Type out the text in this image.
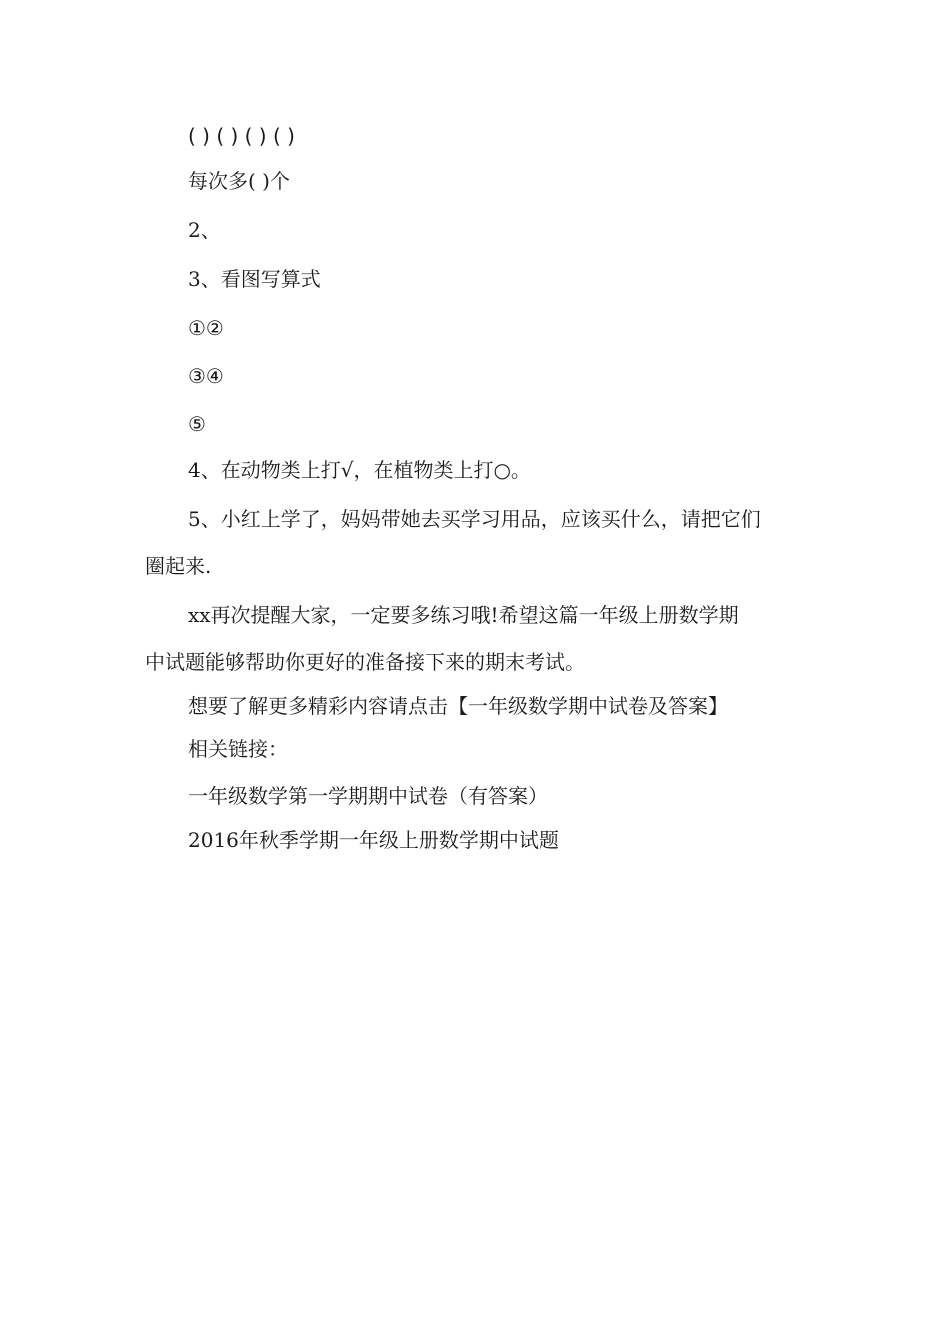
( ) ( ) ( ) ( )
每次多( )个
2、
3、看图写算式
①②
③④
⑤
4、在动物类上打√，在植物类上打○。
5、小红上学了，妈妈带她去买学习用品，应该买什么，请把它们
圈起来.
xx再次提醒大家，一定要多练习哦!希望这篇一年级上册数学期
中试题能够帮助你更好的准备接下来的期末考试。
想要了解更多精彩内容请点击【一年级数学期中试卷及答案】
相关链接：
一年级数学第一学期期中试卷（有答案）
2016年秋季学期一年级上册数学期中试题
